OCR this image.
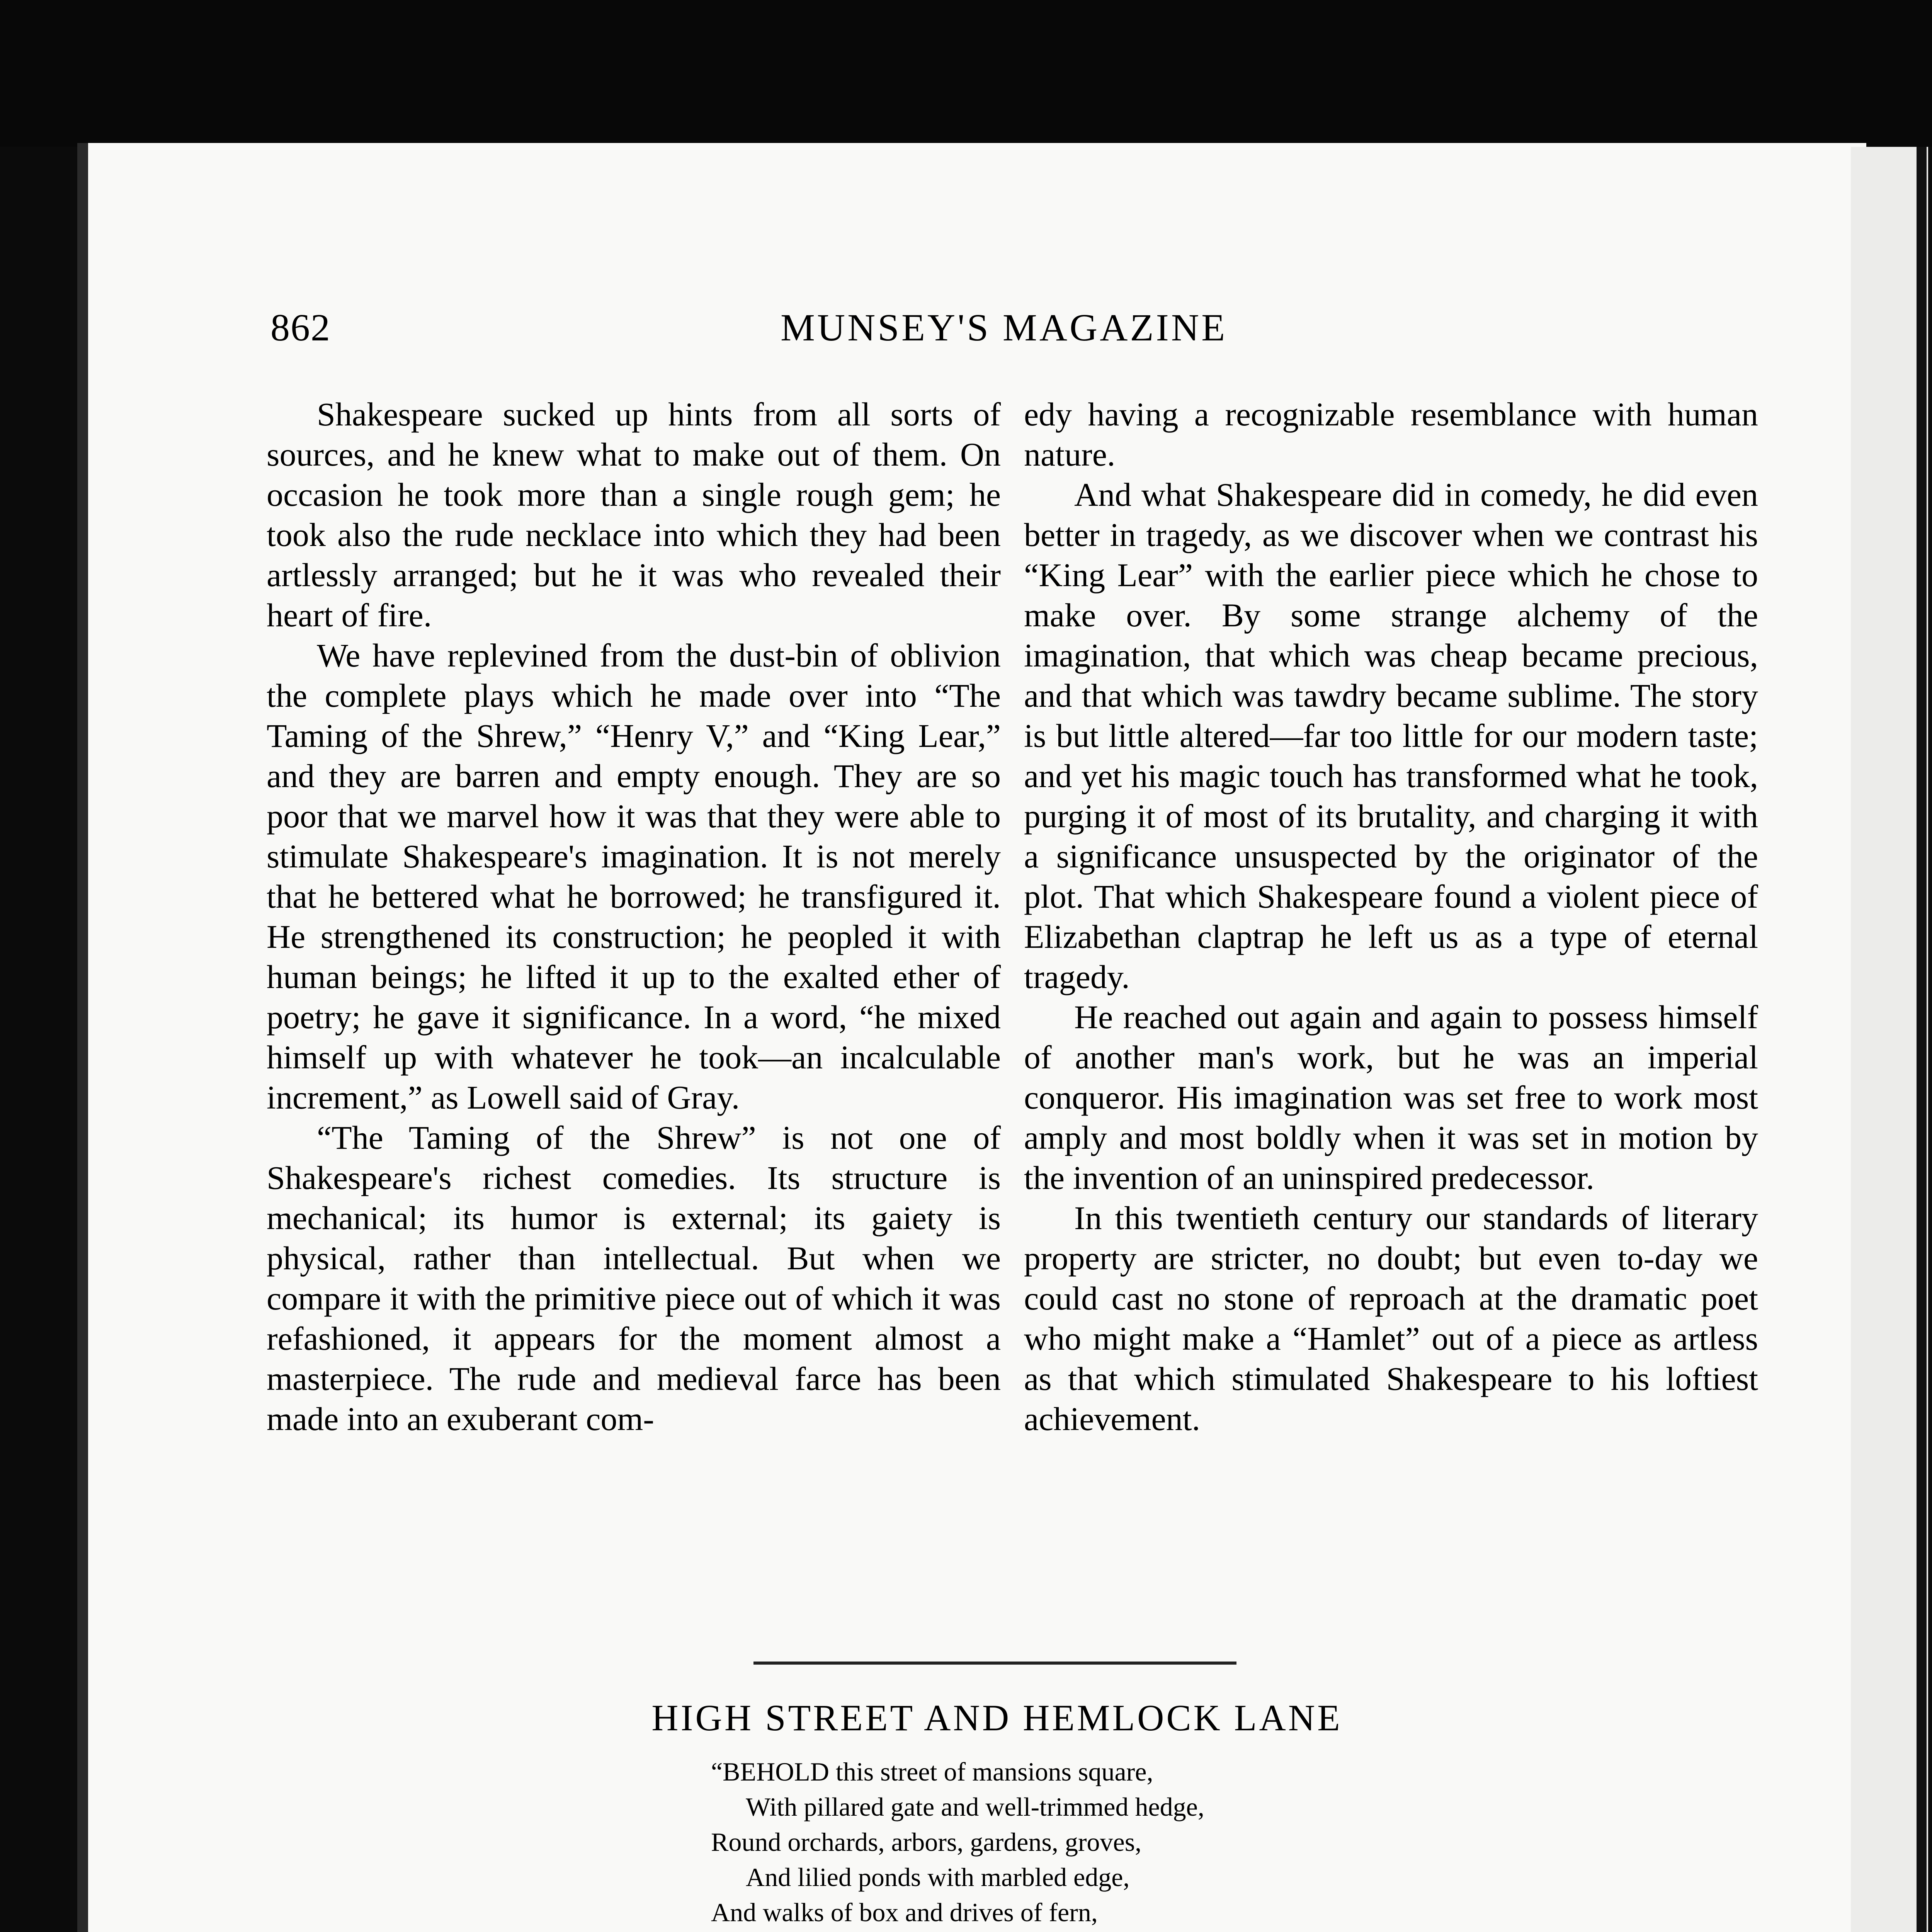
862	MUNSEY'S MAGAZINE

Shakespeare sucked up hints from all sorts of sources, and he knew what to make out of them. On occasion he took more than a single rough gem; he took also the rude necklace into which they had been artlessly arranged; but he it was who revealed their heart of fire.

We have replevined from the dust-bin of oblivion the complete plays which he made over into “The Taming of the Shrew,” “Henry V,” and “King Lear,” and they are barren and empty enough. They are so poor that we marvel how it was that they were able to stimulate Shakespeare's imagination. It is not merely that he bettered what he borrowed; he transfigured it. He strengthened its construction; he peopled it with human beings; he lifted it up to the exalted ether of poetry; he gave it significance. In a word, “he mixed himself up with whatever he took—an incalculable increment,” as Lowell said of Gray.

“The Taming of the Shrew” is not one of Shakespeare's richest comedies. Its structure is mechanical; its humor is external; its gaiety is physical, rather than intellectual. But when we compare it with the primitive piece out of which it was refashioned, it appears for the moment almost a masterpiece. The rude and medieval farce has been made into an exuberant com-

edy having a recognizable resemblance with human nature.

And what Shakespeare did in comedy, he did even better in tragedy, as we discover when we contrast his “King Lear” with the earlier piece which he chose to make over. By some strange alchemy of the imagination, that which was cheap became precious, and that which was tawdry became sublime. The story is but little altered—far too little for our modern taste; and yet his magic touch has transformed what he took, purging it of most of its brutality, and charging it with a significance unsuspected by the originator of the plot. That which Shakespeare found a violent piece of Elizabethan claptrap he left us as a type of eternal tragedy.

He reached out again and again to possess himself of another man's work, but he was an imperial conqueror. His imagination was set free to work most amply and most boldly when it was set in motion by the invention of an uninspired predecessor.

In this twentieth century our standards of literary property are stricter, no doubt; but even to-day we could cast no stone of reproach at the dramatic poet who might make a “Hamlet” out of a piece as artless as that which stimulated Shakespeare to his loftiest achievement.

HIGH STREET AND HEMLOCK LANE
“BEHOLD this street of mansions square,
With pillared gate and well-trimmed hedge,
Round orchards, arbors, gardens, groves,
And lilied ponds with marbled edge,
And walks of box and drives of fern,
